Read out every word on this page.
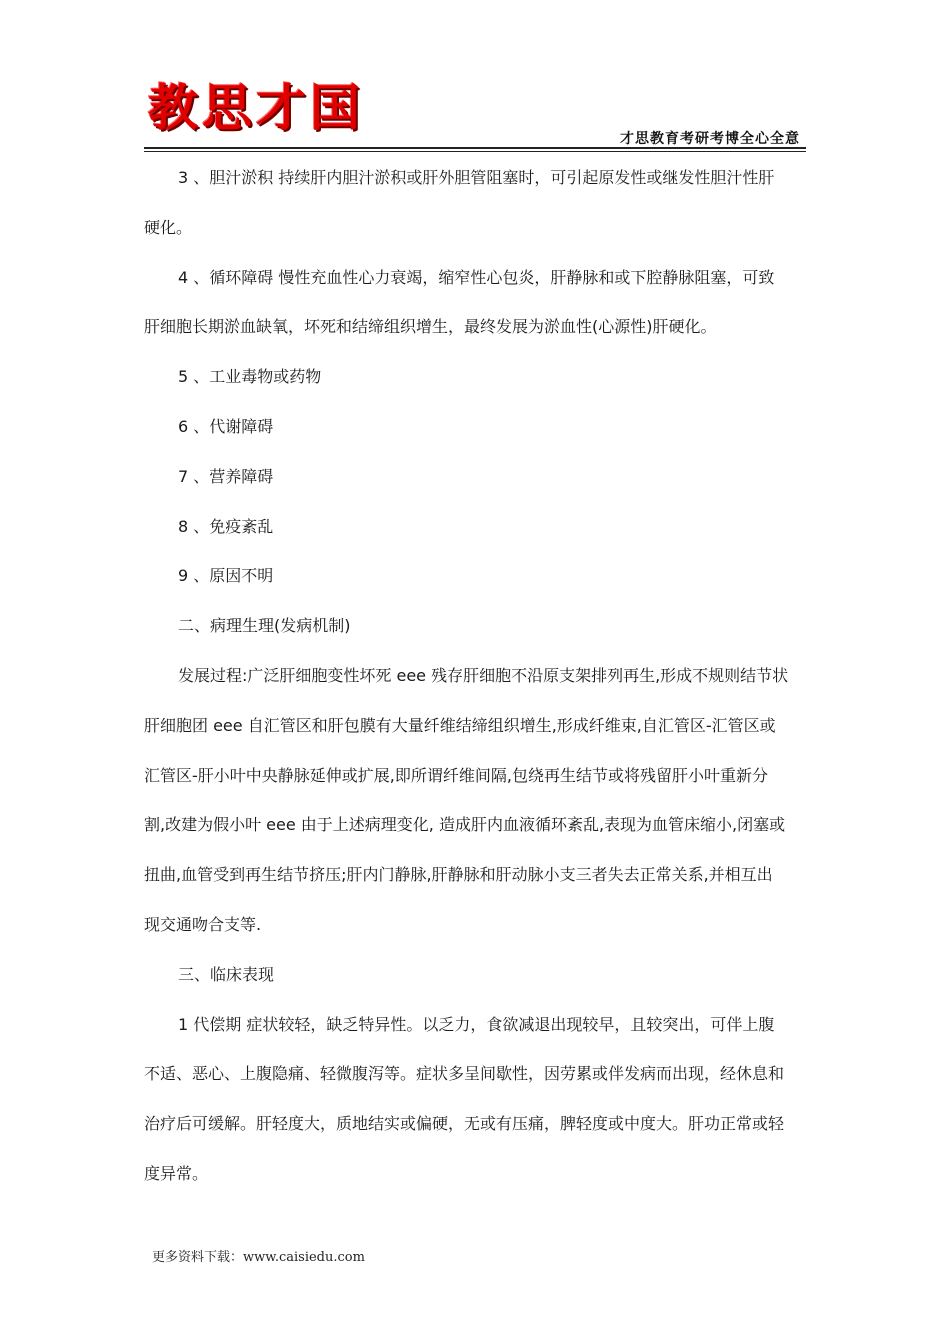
教思才国
才思教育考研考博全心全意
3 、胆汁淤积 持续肝内胆汁淤积或肝外胆管阻塞时，可引起原发性或继发性胆汁性肝
硬化。
4 、循环障碍 慢性充血性心力衰竭，缩窄性心包炎，肝静脉和或下腔静脉阻塞，可致
肝细胞长期淤血缺氧，坏死和结缔组织增生，最终发展为淤血性(心源性)肝硬化。
5 、工业毒物或药物
6 、代谢障碍
7 、营养障碍
8 、免疫紊乱
9 、原因不明
二、病理生理(发病机制)
发展过程:广泛肝细胞变性坏死 eee 残存肝细胞不沿原支架排列再生,形成不规则结节状
肝细胞团 eee 自汇管区和肝包膜有大量纤维结缔组织增生,形成纤维束,自汇管区-汇管区或
汇管区-肝小叶中央静脉延伸或扩展,即所谓纤维间隔,包绕再生结节或将残留肝小叶重新分
割,改建为假小叶 eee 由于上述病理变化, 造成肝内血液循环紊乱,表现为血管床缩小,闭塞或
扭曲,血管受到再生结节挤压;肝内门静脉,肝静脉和肝动脉小支三者失去正常关系,并相互出
现交通吻合支等.
三、临床表现
1 代偿期 症状较轻，缺乏特异性。以乏力，食欲减退出现较早，且较突出，可伴上腹
不适、恶心、上腹隐痛、轻微腹泻等。症状多呈间歇性，因劳累或伴发病而出现，经休息和
治疗后可缓解。肝轻度大，质地结实或偏硬，无或有压痛，脾轻度或中度大。肝功正常或轻
度异常。
更多资料下载：www.caisiedu.com
